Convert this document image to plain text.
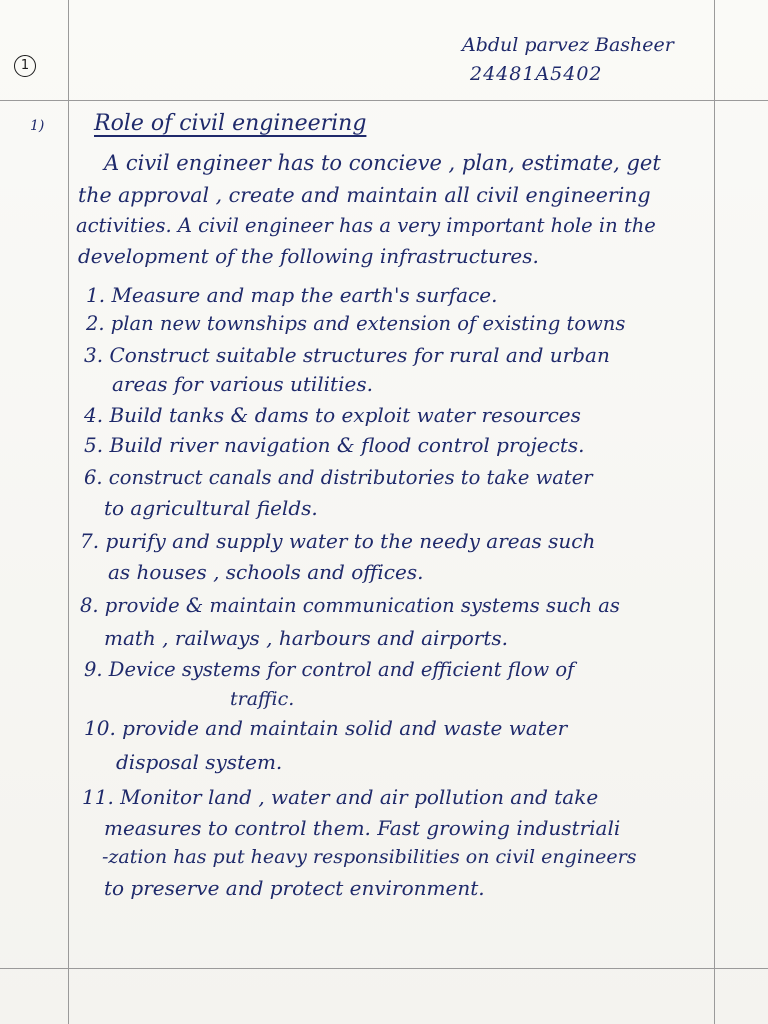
1
Abdul parvez Basheer
24481A5402
1) Role of civil engineering
A civil engineer has to concieve , plan, estimate, get
the approval , create and maintain all civil engineering
activities. A civil engineer has a very important hole in the
development of the following infrastructures.
1. Measure and map the earth's surface.
2. plan new townships and extension of existing towns
3. Construct suitable structures for rural and urban
areas for various utilities.
4. Build tanks & dams to exploit water resources
5. Build river navigation & flood control projects.
6. construct canals and distributories to take water
to agricultural fields.
7. purify and supply water to the needy areas such
as houses , schools and offices.
8. provide & maintain communication systems such as
math , railways , harbours and airports.
9. Device systems for control and efficient flow of
traffic.
10. provide and maintain solid and waste water
disposal system.
11. Monitor land , water and air pollution and take
measures to control them. Fast growing industriali
-zation has put heavy responsibilities on civil engineers
to preserve and protect environment.
